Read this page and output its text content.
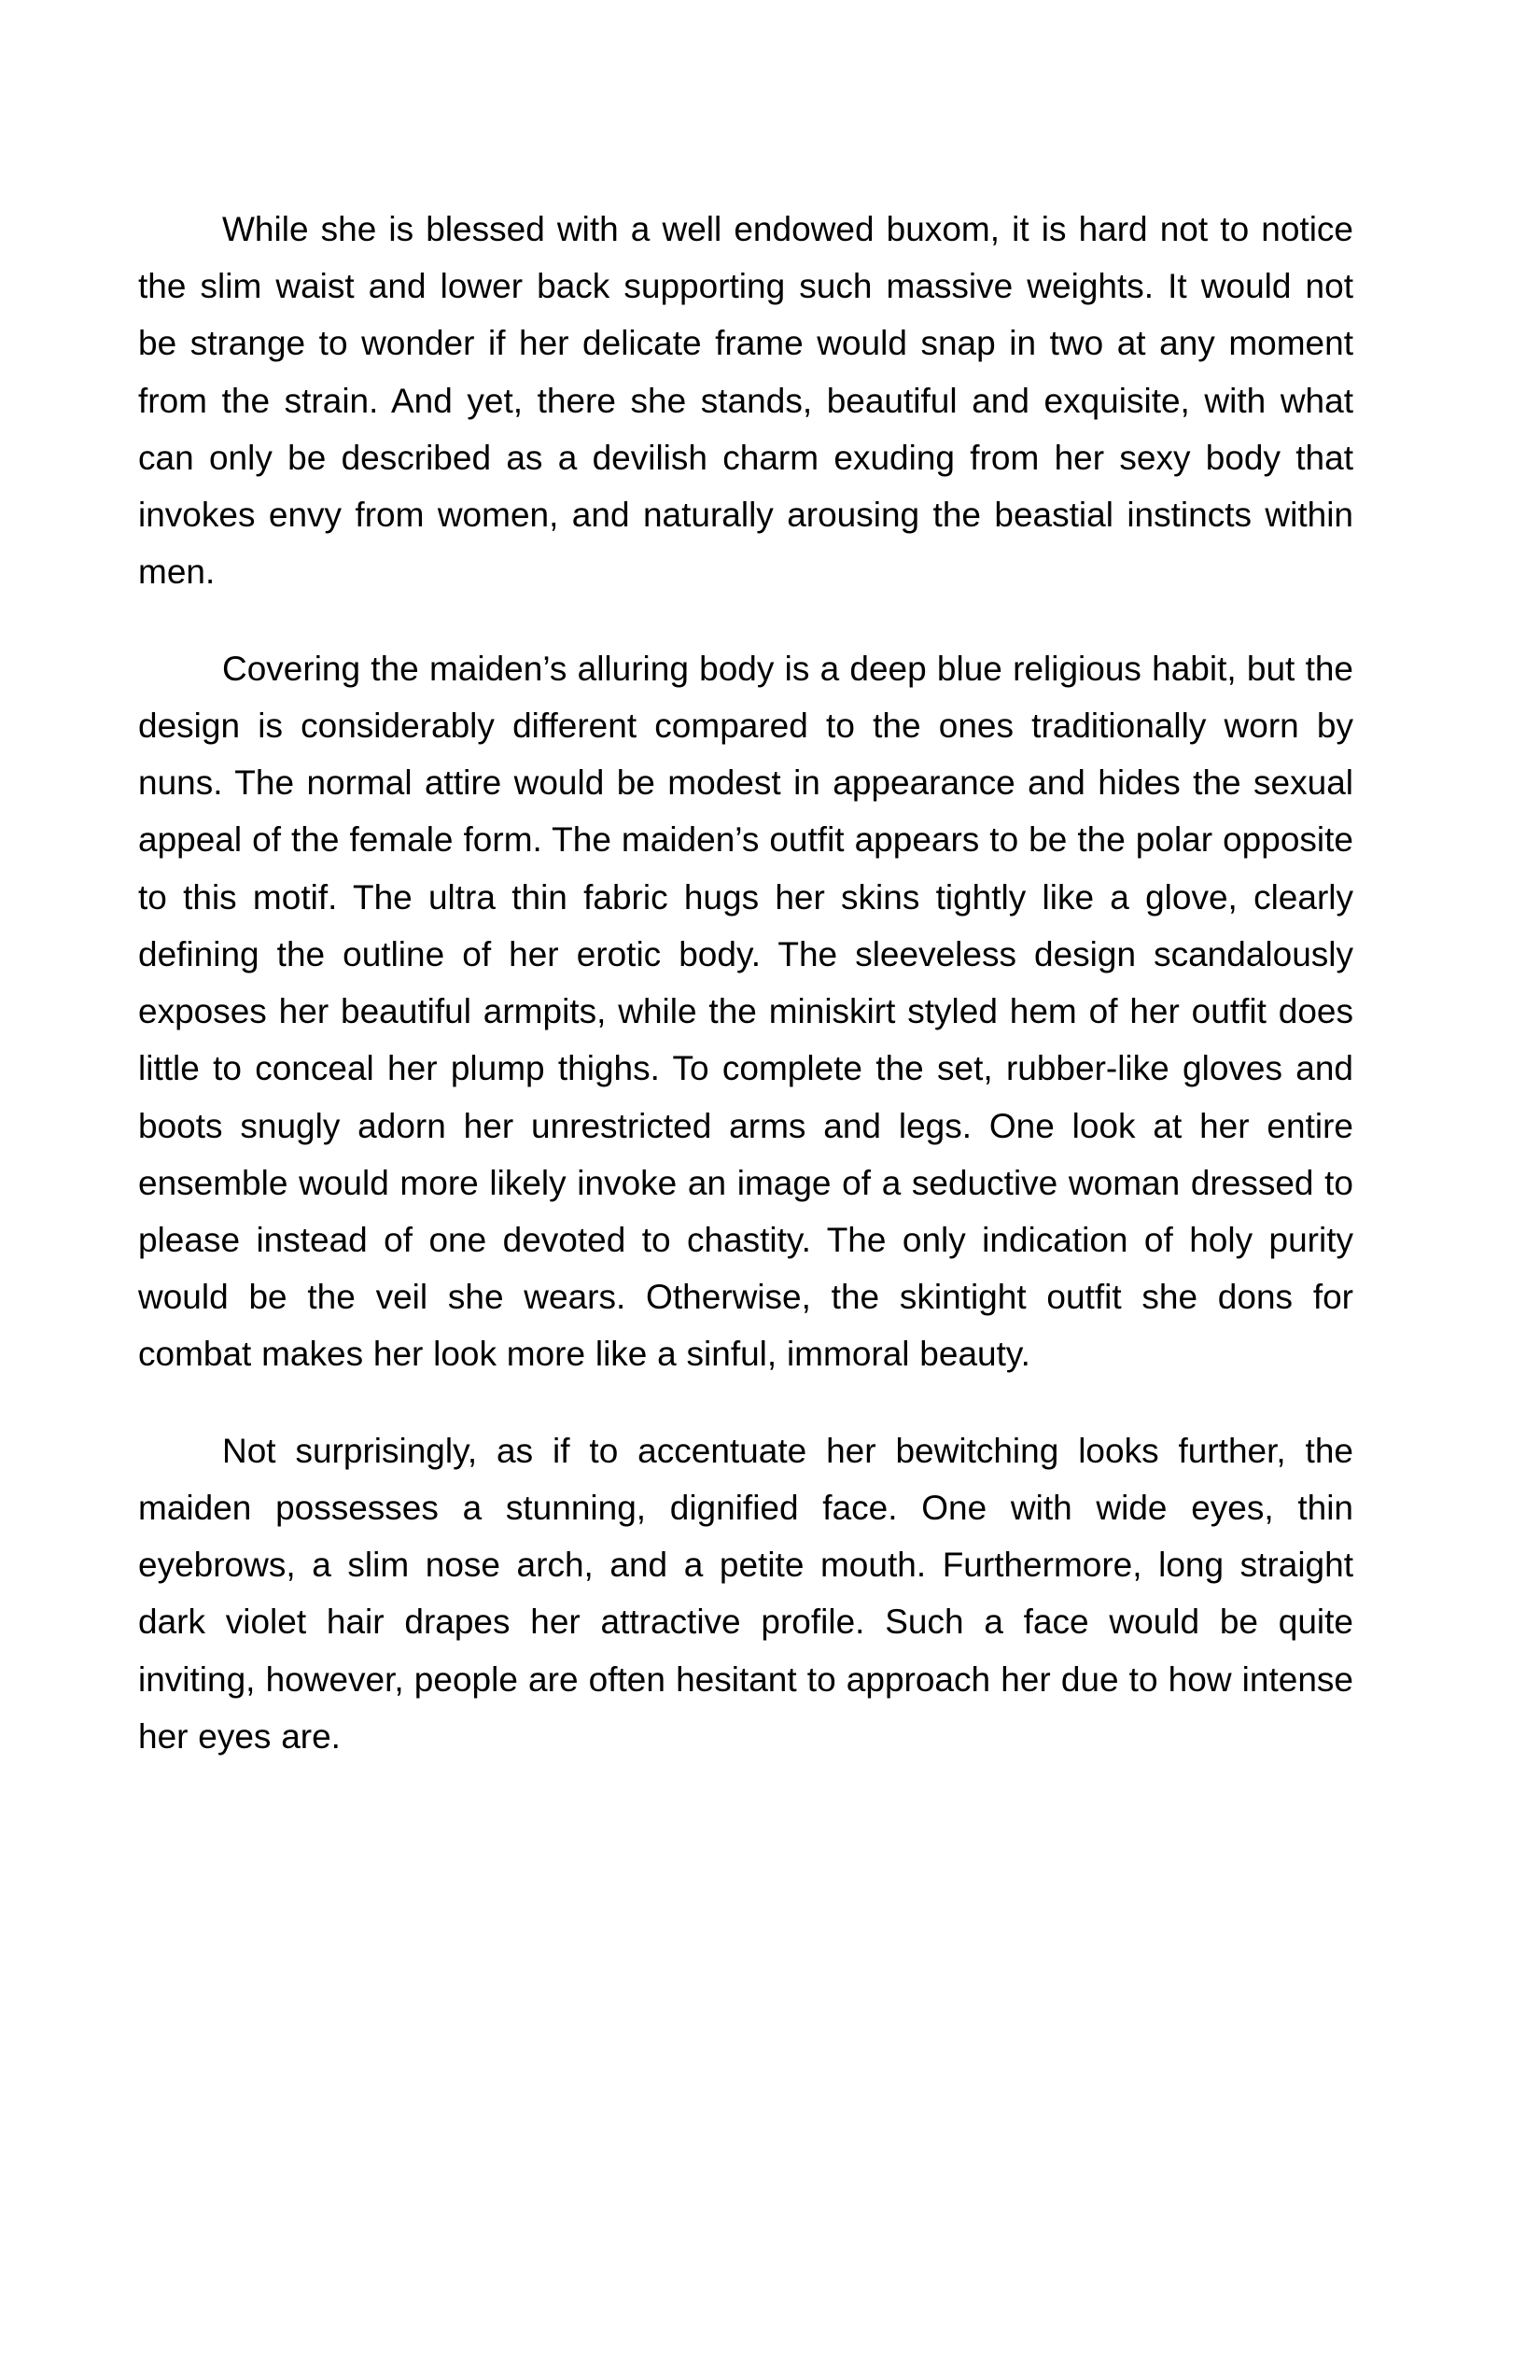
While she is blessed with a well endowed buxom, it is hard not to notice the slim waist and lower back supporting such massive weights. It would not be strange to wonder if her delicate frame would snap in two at any moment from the strain. And yet, there she stands, beautiful and exquisite, with what can only be described as a devilish charm exuding from her sexy body that invokes envy from women, and naturally arousing the beastial instincts within men.

Covering the maiden’s alluring body is a deep blue religious habit, but the design is considerably different compared to the ones traditionally worn by nuns. The normal attire would be modest in appearance and hides the sexual appeal of the female form. The maiden’s outfit appears to be the polar opposite to this motif. The ultra thin fabric hugs her skins tightly like a glove, clearly defining the outline of her erotic body. The sleeveless design scandalously exposes her beautiful armpits, while the miniskirt styled hem of her outfit does little to conceal her plump thighs. To complete the set, rubber-like gloves and boots snugly adorn her unrestricted arms and legs. One look at her entire ensemble would more likely invoke an image of a seductive woman dressed to please instead of one devoted to chastity. The only indication of holy purity would be the veil she wears. Otherwise, the skintight outfit she dons for combat makes her look more like a sinful, immoral beauty.

Not surprisingly, as if to accentuate her bewitching looks further, the maiden possesses a stunning, dignified face. One with wide eyes, thin eyebrows, a slim nose arch, and a petite mouth. Furthermore, long straight dark violet hair drapes her attractive profile. Such a face would be quite inviting, however, people are often hesitant to approach her due to how intense her eyes are.
